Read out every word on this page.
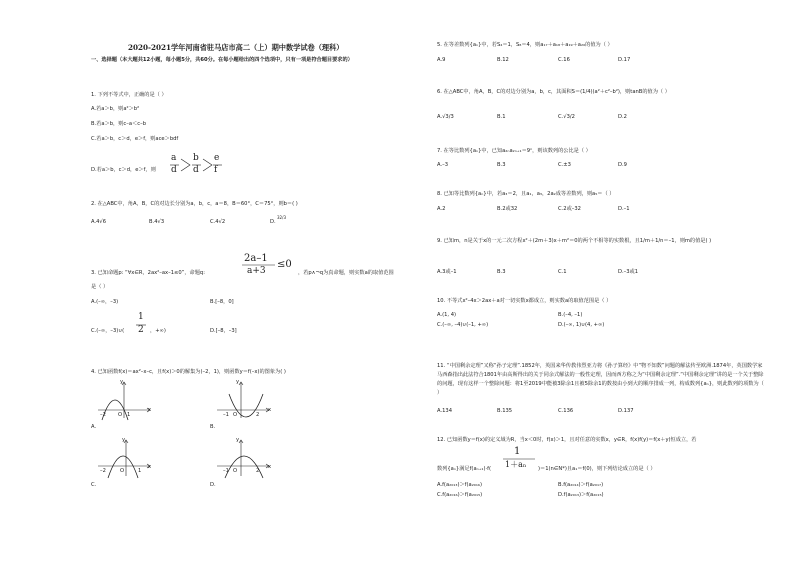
2020-2021学年河南省驻马店市高二（上）期中数学试卷（理科）
一、选择题（本大题共12小题，每小题5分，共60分。在每小题给出的四个选项中，只有一项是符合题目要求的）
1. 下列不等式中，正确的是（ ）
A.若a＞b，则a²＞b²
B.若a＞b，则c–a＜c–b
C.若a＞b，c＞d，e＞f，则ace＞bdf
D.若a＞b，c＞d，e＞f，则
a
d
b
d
e
f
2. 在△ABC中，角A，B，C的对边长分别为a，b，c，a＝8，B＝60°，C＝75°，则b＝( )
A.4√6	B.4√3	C.4√2	D.
32/3
3. 已知命题p: “∀x∈R，2ax²–ax–1≤0”，命题q:
2a–1
a+3
≤0
，若p∧¬q为真命题，则实数a的取值范围
是（ ）
A.(–∞，–3)	B.[–8，0]
C.(–∞，–3)∪(
1
2 ，+∞)	D.[–8，–3]
4. 已知函数f(x)＝ax²–x–c，且f(x)＞0的解集为(–2，1)，则函数y＝f(–x)的图象为( )
y
–2 O 1
x
A.
y
–1 O	2
x
B.
y
–2	O	1
x
C.
y
–1 O	2
x
D.
5. 在等差数列{aₙ}中，若S₄＝1，S₈＝4，则a₁₇＋a₁₈＋a₁₉＋a₂₀的值为（ ）
A.9	B.12	C.16	D.17
6. 在△ABC中，角A，B，C的对边分别为a，b，c，其面积S＝(1/4)(a²＋c²–b²)，则tanB的值为（ ）
A.√3/3	B.1	C.√3/2	D.2
7. 在等比数列{aₙ}中，已知a₂ₙa₂ₙ₊₁＝9ⁿ，则该数列的公比是（ ）
A.–3	B.3	C.±3	D.9
8. 已知等比数列{aₙ}中，若a₃＝2，且a₁，a₃，2a₂成等差数列，则a₅＝（ ）
A.2	B.2或32	C.2或–32	D.–1
9. 已知m，n是关于x的一元二次方程x²＋(2m＋3)x＋m²＝0的两个不相等的实数根，且1/m＋1/n＝–1，则m的值是( )
A.3或–1	B.3	C.1	D.–3或1
10. 不等式x²–4x＞2ax＋a对一切实数x都成立，则实数a的取值范围是（ ）
A.(1, 4)	B.(–4, –1)
C.(–∞, –4)∪(–1, +∞)	D.(–∞, 1)∪(4, +∞)
11. “中国剩余定理”又称“孙子定理”.1852年，英国来华传教伟烈亚力将《孙子算经》中“物不知数”问题的解法传至欧洲.1874年，英国数学家马西森指出此法符合1801年由高斯得出的关于同余式解法的一般性定理，因而西方称之为“中国剩余定理”.“中国剩余定理”讲的是一个关于整除的问题，现有这样一个整除问题：将1至2019中能被3除余1且被5除余1的数按由小到大的顺序排成一列，构成数列{aₙ}，则此数列的项数为（ ）
A.134	B.135	C.136	D.137
12. 已知函数y＝f(x)的定义域为R，当x＜0时，f(x)＞1，且对任意的实数x，y∈R，f(x)f(y)＝f(x＋y)恒成立，若
1
1＋aₙ
数列{aₙ}满足f(aₙ₊₁)·f(	)＝1(n∈N*)且a₁＝f(0)，则下列结论成立的是（ ）
A.f(a₂₀₁₃)＞f(a₂₀₁₆)	B.f(a₂₀₁₄)＞f(a₂₀₁₇)
C.f(a₂₀₁₆)＞f(a₂₀₁₅)	D.f(a₂₀₁₃)＞f(a₂₀₁₅)
